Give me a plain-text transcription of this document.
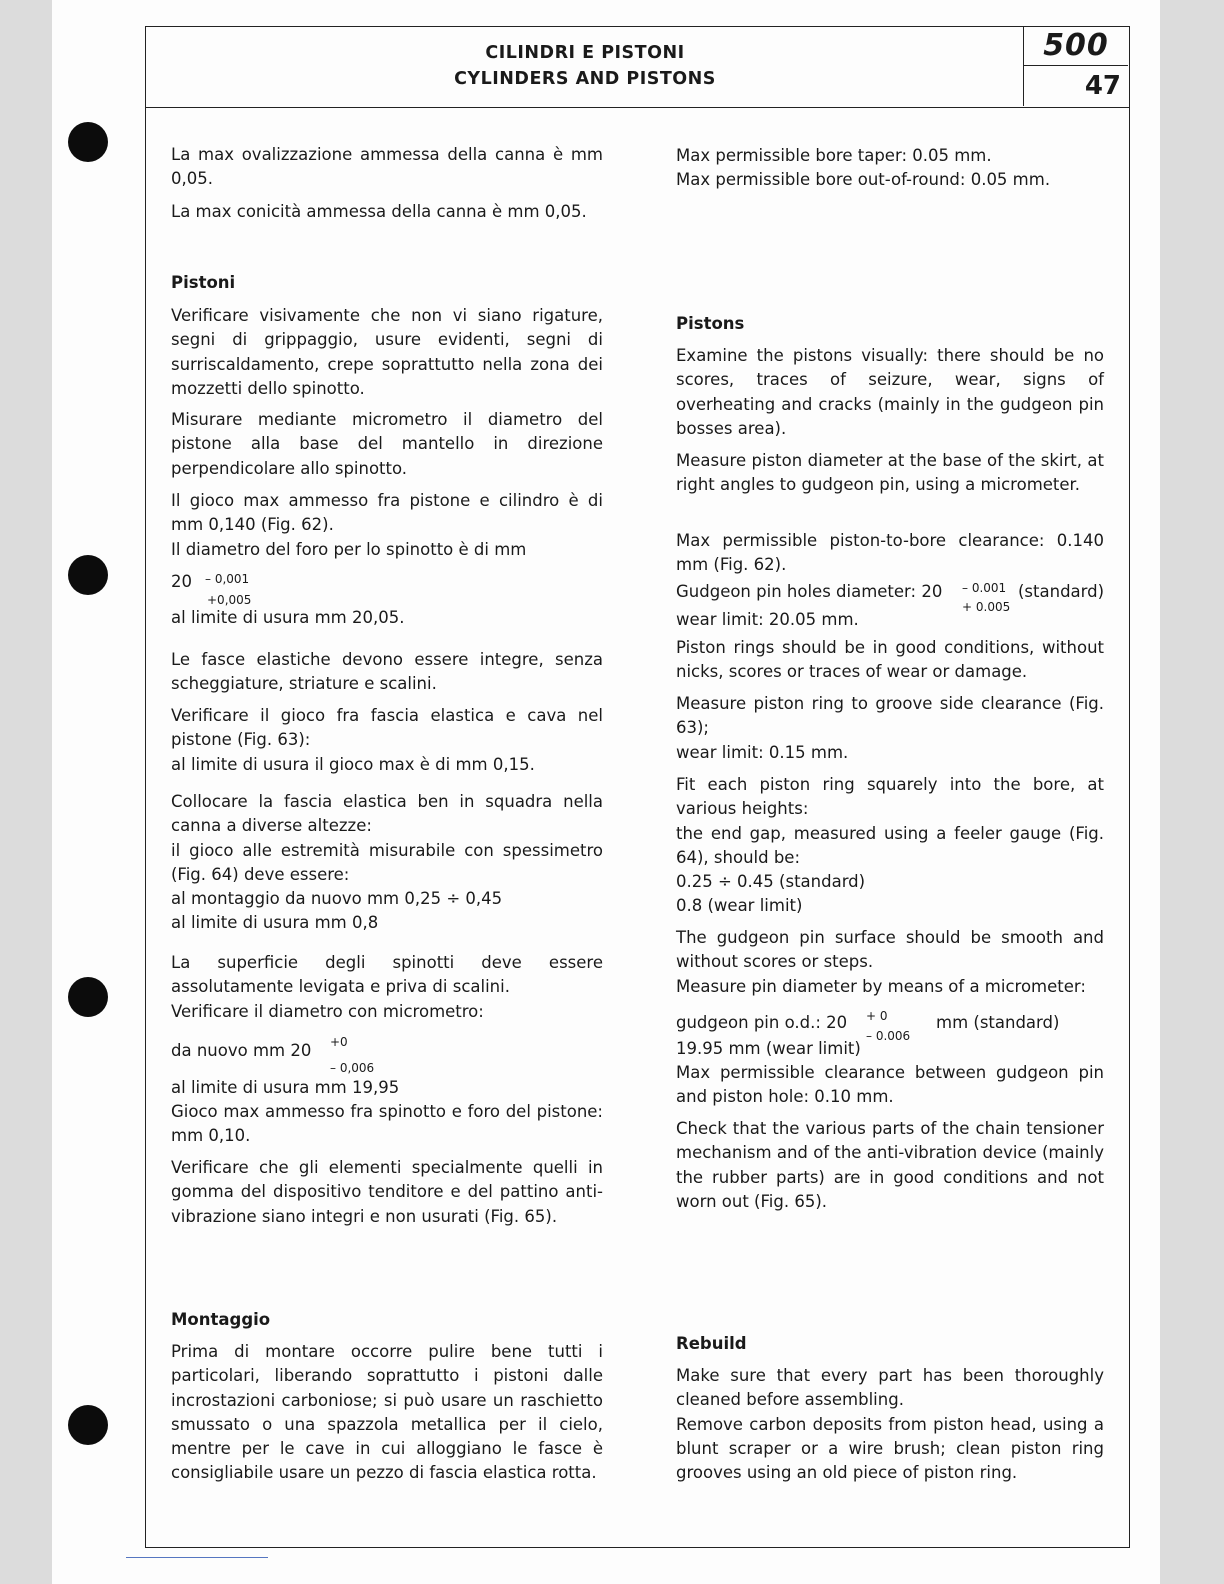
CILINDRI E PISTONI
CYLINDERS AND PISTONS
500
47

La max ovalizzazione ammessa della canna è mm 0,05.

La max conicità ammessa della canna è mm 0,05.

Pistoni
Verificare visivamente che non vi siano rigature, segni di grippaggio, usure evidenti, segni di surriscaldamento, crepe soprattutto nella zona dei mozzetti dello spinotto.
Misurare mediante micrometro il diametro del pistone alla base del mantello in direzione perpendicolare allo spinotto.

Il gioco max ammesso fra pistone e cilindro è di mm 0,140 (Fig. 62).

Il diametro del foro per lo spinotto è di mm

20 – 0,001
+0,005

al limite di usura mm 20,05.

Le fasce elastiche devono essere integre, senza scheggiature, striature e scalini.

Verificare il gioco fra fascia elastica e cava nel pistone (Fig. 63):

al limite di usura il gioco max è di mm 0,15.

Collocare la fascia elastica ben in squadra nella canna a diverse altezze:

il gioco alle estremità misurabile con spessimetro (Fig. 64) deve essere:

al montaggio da nuovo mm 0,25 ÷ 0,45

al limite di usura mm 0,8

La superficie degli spinotti deve essere assolutamente levigata e priva di scalini.

Verificare il diametro con micrometro:

da nuovo mm 20 +0
– 0,006

al limite di usura mm 19,95

Gioco max ammesso fra spinotto e foro del pistone: mm 0,10.

Verificare che gli elementi specialmente quelli in gomma del dispositivo tenditore e del pattino anti-vibrazione siano integri e non usurati (Fig. 65).
Montaggio
Prima di montare occorre pulire bene tutti i particolari, liberando soprattutto i pistoni dalle incrostazioni carboniose; si può usare un raschietto smussato o una spazzola metallica per il cielo, mentre per le cave in cui alloggiano le fasce è consigliabile usare un pezzo di fascia elastica rotta.

Max permissible bore taper: 0.05 mm.

Max permissible bore out-of-round: 0.05 mm.

Pistons
Examine the pistons visually: there should be no scores, traces of seizure, wear, signs of overheating and cracks (mainly in the gudgeon pin bosses area).
Measure piston diameter at the base of the skirt, at right angles to gudgeon pin, using a micrometer.

Max permissible piston-to-bore clearance: 0.140 mm (Fig. 62).

Gudgeon pin holes diameter: 20 – 0.001
+ 0.005
(standard)

wear limit: 20.05 mm.

Piston rings should be in good conditions, without nicks, scores or traces of wear or damage.

Measure piston ring to groove side clearance (Fig. 63);

wear limit: 0.15 mm.

Fit each piston ring squarely into the bore, at various heights:

the end gap, measured using a feeler gauge (Fig. 64), should be:

0.25 ÷ 0.45 (standard)

0.8 (wear limit)

The gudgeon pin surface should be smooth and without scores or steps.

Measure pin diameter by means of a micrometer:

gudgeon pin o.d.: 20 + 0
– 0.006
mm (standard)

19.95 mm (wear limit)

Max permissible clearance between gudgeon pin and piston hole: 0.10 mm.

Check that the various parts of the chain tensioner mechanism and of the anti-vibration device (mainly the rubber parts) are in good conditions and not worn out (Fig. 65).
Rebuild

Make sure that every part has been thoroughly cleaned before assembling.

Remove carbon deposits from piston head, using a blunt scraper or a wire brush; clean piston ring grooves using an old piece of piston ring.
